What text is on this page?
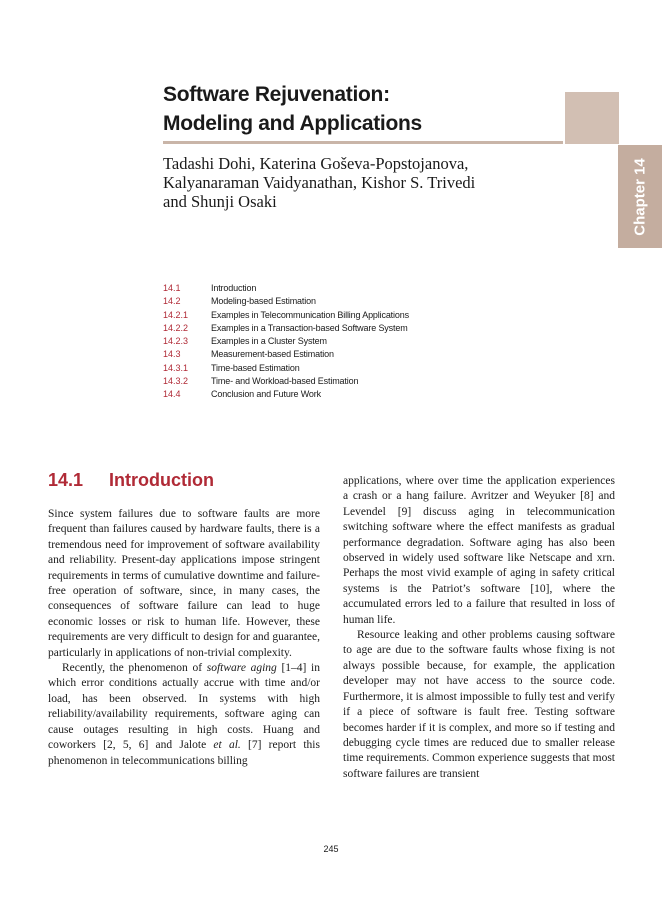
Chapter 14
Software Rejuvenation:
Modeling and Applications
Tadashi Dohi, Katerina Goševa-Popstojanova,
Kalyanaraman Vaidyanathan, Kishor S. Trivedi
and Shunji Osaki
14.1	Introduction
14.2	Modeling-based Estimation
14.2.1	Examples in Telecommunication Billing Applications
14.2.2	Examples in a Transaction-based Software System
14.2.3	Examples in a Cluster System
14.3	Measurement-based Estimation
14.3.1	Time-based Estimation
14.3.2	Time- and Workload-based Estimation
14.4	Conclusion and Future Work
14.1 Introduction

Since system failures due to software faults are more frequent than failures caused by hardware faults, there is a tremendous need for improvement of software availability and reliability. Present-day applications impose stringent requirements in terms of cumulative downtime and failure-free operation of software, since, in many cases, the consequences of software failure can lead to huge economic losses or risk to human life. However, these requirements are very difficult to design for and guarantee, particularly in applications of non-trivial complexity.

Recently, the phenomenon of software aging [1–4] in which error conditions actually accrue with time and/or load, has been observed. In systems with high reliability/availability requirements, software aging can cause outages resulting in high costs. Huang and coworkers [2, 5, 6] and Jalote et al. [7] report this phenomenon in telecommunications billing

applications, where over time the application experiences a crash or a hang failure. Avritzer and Weyuker [8] and Levendel [9] discuss aging in telecommunication switching software where the effect manifests as gradual performance degradation. Software aging has also been observed in widely used software like Netscape and xrn. Perhaps the most vivid example of aging in safety critical systems is the Patriot’s software [10], where the accumulated errors led to a failure that resulted in loss of human life.

Resource leaking and other problems causing software to age are due to the software faults whose fixing is not always possible because, for example, the application developer may not have access to the source code. Furthermore, it is almost impossible to fully test and verify if a piece of software is fault free. Testing software becomes harder if it is complex, and more so if testing and debugging cycle times are reduced due to smaller release time requirements. Common experience suggests that most software failures are transient

245
